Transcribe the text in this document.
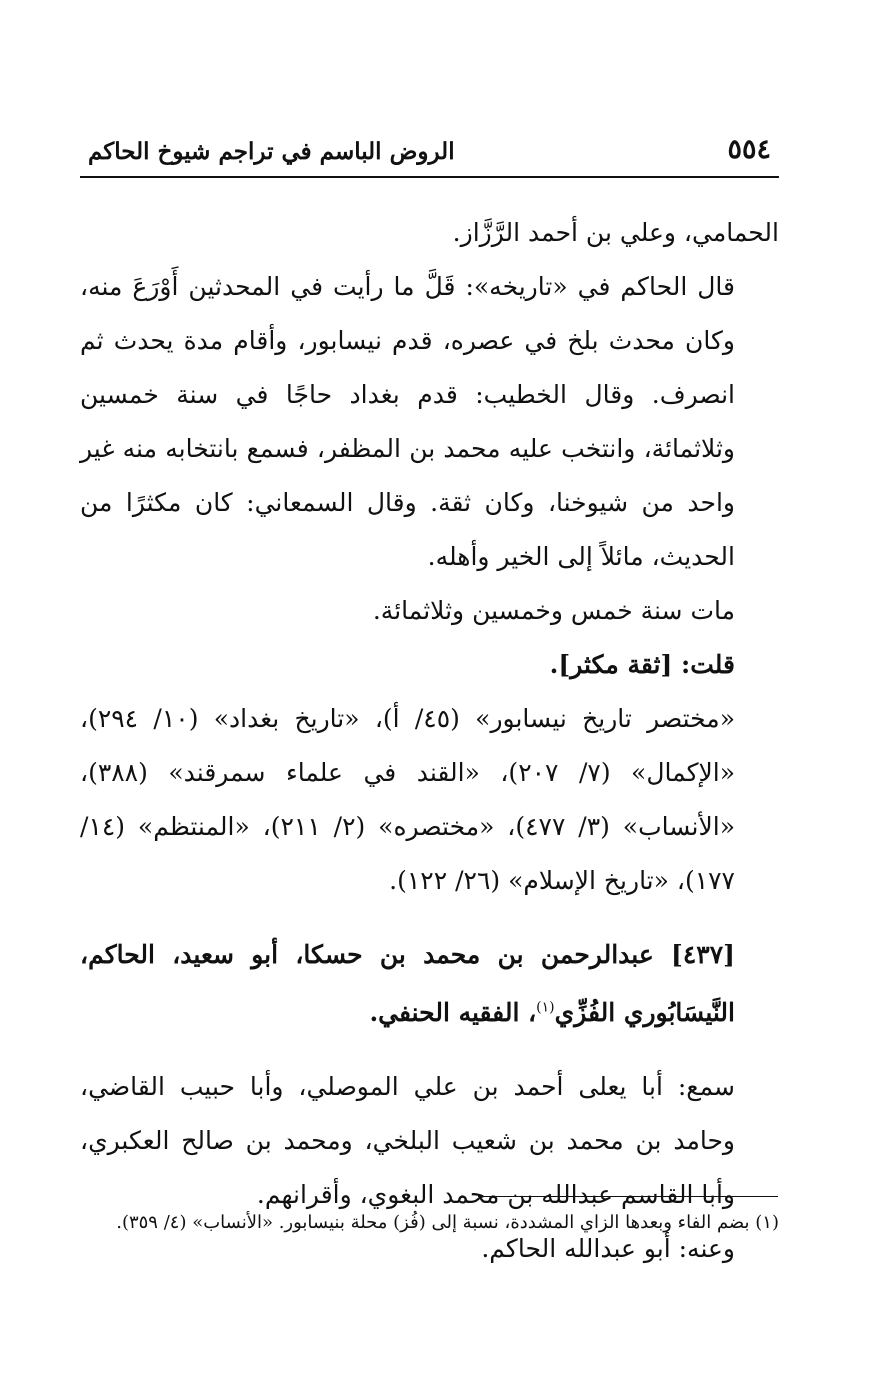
٥٥٤
الروض الباسم في تراجم شيوخ الحاكم

الحمامي، وعلي بن أحمد الرَّزَّاز.

قال الحاكم في «تاريخه»: قَلَّ ما رأيت في المحدثين أَوْرَعَ منه، وكان محدث بلخ في عصره، قدم نيسابور، وأقام مدة يحدث ثم انصرف. وقال الخطيب: قدم بغداد حاجًا في سنة خمسين وثلاثمائة، وانتخب عليه محمد بن المظفر، فسمع بانتخابه منه غير واحد من شيوخنا، وكان ثقة. وقال السمعاني: كان مكثرًا من الحديث، مائلاً إلى الخير وأهله.

مات سنة خمس وخمسين وثلاثمائة.

قلت: [ثقة مكثر].

«مختصر تاريخ نيسابور» (٤٥/ أ)، «تاريخ بغداد» (١٠/ ٢٩٤)، «الإكمال» (٧/ ٢٠٧)، «القند في علماء سمرقند» (٣٨٨)، «الأنساب» (٣/ ٤٧٧)، «مختصره» (٢/ ٢١١)، «المنتظم» (١٤/ ١٧٧)، «تاريخ الإسلام» (٢٦/ ١٢٢).

[٤٣٧] عبدالرحمن بن محمد بن حسكا، أبو سعيد، الحاكم، النَّيسَابُوري الفُزِّي$^{(١)}$، الفقيه الحنفي.

سمع: أبا يعلى أحمد بن علي الموصلي، وأبا حبيب القاضي، وحامد بن محمد بن شعيب البلخي، ومحمد بن صالح العكبري، وأبا القاسم عبدالله بن محمد البغوي، وأقرانهم.

وعنه: أبو عبدالله الحاكم.

(١) بضم الفاء وبعدها الزاي المشددة، نسبة إلى (فُز) محلة بنيسابور. «الأنساب» (٤/ ٣٥٩).
